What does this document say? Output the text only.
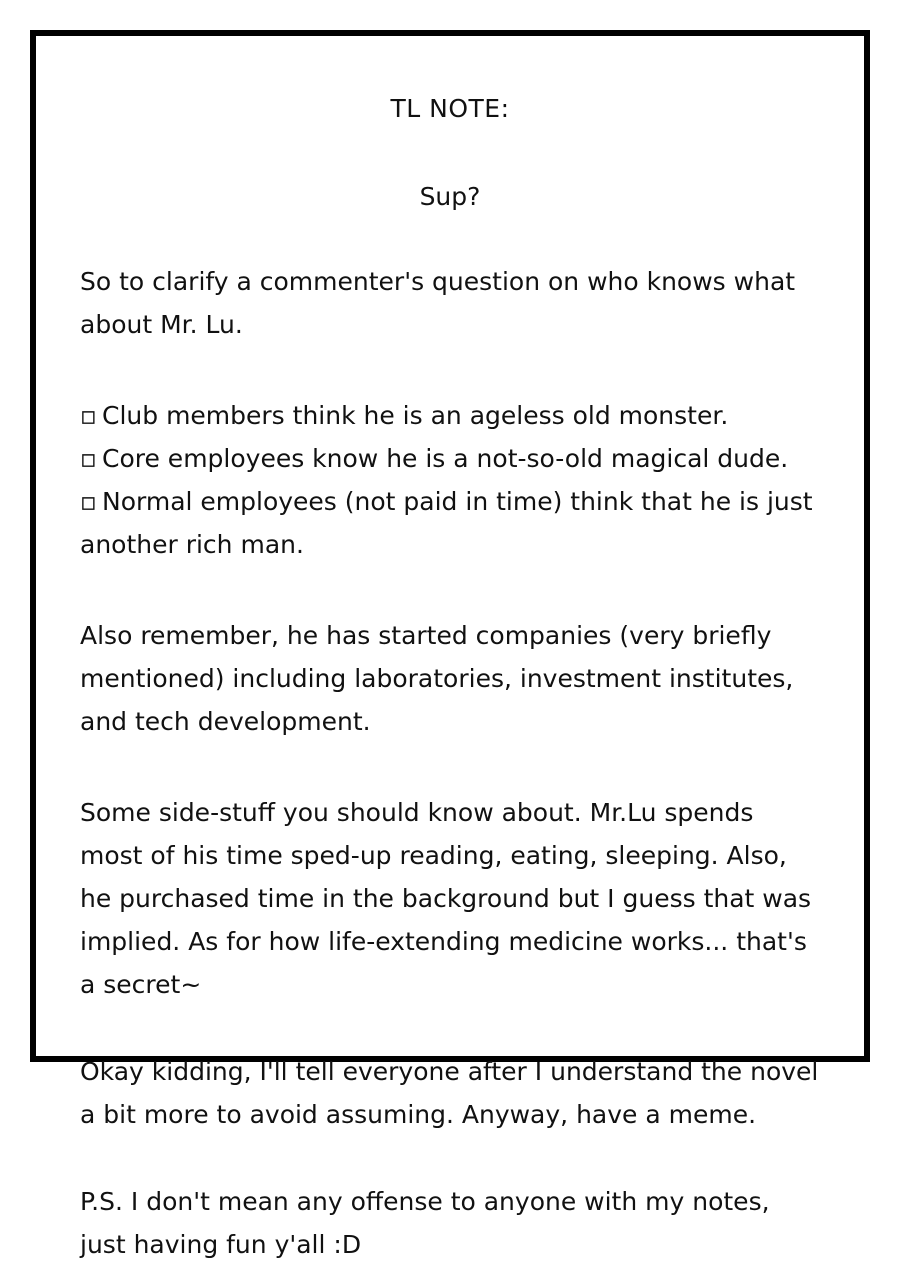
TL NOTE:

Sup?

So to clarify a commenter's question on who knows what about Mr. Lu.

▫ Club members think he is an ageless old monster.
▫ Core employees know he is a not-so-old magical dude.
▫ Normal employees (not paid in time) think that he is just another rich man.

Also remember, he has started companies (very briefly mentioned) including laboratories, investment institutes, and tech development.

Some side-stuff you should know about. Mr.Lu spends most of his time sped-up reading, eating, sleeping. Also, he purchased time in the background but I guess that was implied. As for how life-extending medicine works... that's a secret~

Okay kidding, I'll tell everyone after I understand the novel a bit more to avoid assuming. Anyway, have a meme.

P.S. I don't mean any offense to anyone with my notes, just having fun y'all :D
